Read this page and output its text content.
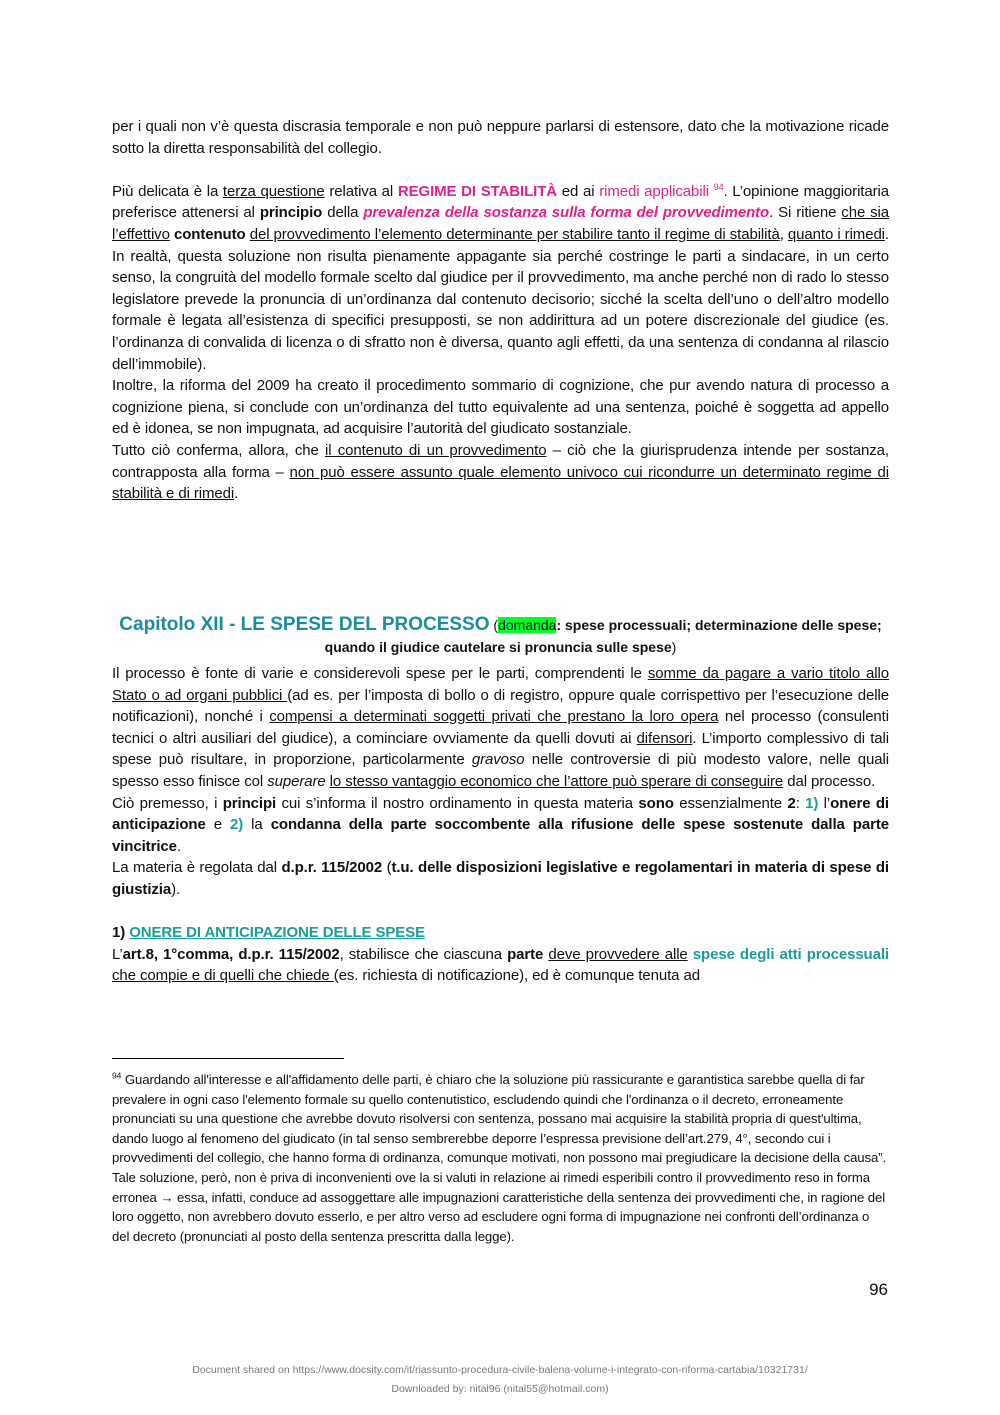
per i quali non v’è questa discrasia temporale e non può neppure parlarsi di estensore, dato che la motivazione ricade sotto la diretta responsabilità del collegio.
Più delicata è la terza questione relativa al REGIME DI STABILITÀ ed ai rimedi applicabili $^{94}$. L’opinione maggioritaria preferisce attenersi al principio della prevalenza della sostanza sulla forma del provvedimento. Si ritiene che sia l’effettivo contenuto del provvedimento l’elemento determinante per stabilire tanto il regime di stabilità, quanto i rimedi. In realtà, questa soluzione non risulta pienamente appagante sia perché costringe le parti a sindacare, in un certo senso, la congruità del modello formale scelto dal giudice per il provvedimento, ma anche perché non di rado lo stesso legislatore prevede la pronuncia di un’ordinanza dal contenuto decisorio; sicché la scelta dell’uno o dell’altro modello formale è legata all’esistenza di specifici presupposti, se non addirittura ad un potere discrezionale del giudice (es. l’ordinanza di convalida di licenza o di sfratto non è diversa, quanto agli effetti, da una sentenza di condanna al rilascio dell’immobile).
Inoltre, la riforma del 2009 ha creato il procedimento sommario di cognizione, che pur avendo natura di processo a cognizione piena, si conclude con un’ordinanza del tutto equivalente ad una sentenza, poiché è soggetta ad appello ed è idonea, se non impugnata, ad acquisire l’autorità del giudicato sostanziale.
Tutto ciò conferma, allora, che il contenuto di un provvedimento – ciò che la giurisprudenza intende per sostanza, contrapposta alla forma – non può essere assunto quale elemento univoco cui ricondurre un determinato regime di stabilità e di rimedi.
Capitolo XII - LE SPESE DEL PROCESSO (domanda: spese processuali; determinazione delle spese; quando il giudice cautelare si pronuncia sulle spese)
Il processo è fonte di varie e considerevoli spese per le parti, comprendenti le somme da pagare a vario titolo allo Stato o ad organi pubblici (ad es. per l’imposta di bollo o di registro, oppure quale corrispettivo per l’esecuzione delle notificazioni), nonché i compensi a determinati soggetti privati che prestano la loro opera nel processo (consulenti tecnici o altri ausiliari del giudice), a cominciare ovviamente da quelli dovuti ai difensori. L’importo complessivo di tali spese può risultare, in proporzione, particolarmente gravoso nelle controversie di più modesto valore, nelle quali spesso esso finisce col superare lo stesso vantaggio economico che l’attore può sperare di conseguire dal processo.
Ciò premesso, i principi cui s’informa il nostro ordinamento in questa materia sono essenzialmente 2: 1) l’onere di anticipazione e 2) la condanna della parte soccombente alla rifusione delle spese sostenute dalla parte vincitrice.
La materia è regolata dal d.p.r. 115/2002 (t.u. delle disposizioni legislative e regolamentari in materia di spese di giustizia).
1) ONERE DI ANTICIPAZIONE DELLE SPESE
L’art.8, 1°comma, d.p.r. 115/2002, stabilisce che ciascuna parte deve provvedere alle spese degli atti processuali che compie e di quelli che chiede (es. richiesta di notificazione), ed è comunque tenuta ad
$^{94}$ Guardando all'interesse e all'affidamento delle parti, è chiaro che la soluzione più rassicurante e garantistica sarebbe quella di far prevalere in ogni caso l'elemento formale su quello contenutistico, escludendo quindi che l'ordinanza o il decreto, erroneamente pronunciati su una questione che avrebbe dovuto risolversi con sentenza, possano mai acquisire la stabilità propria di quest'ultima, dando luogo al fenomeno del giudicato (in tal senso sembrerebbe deporre l’espressa previsione dell’art.279, 4°, secondo cui i provvedimenti del collegio, che hanno forma di ordinanza, comunque motivati, non possono mai pregiudicare la decisione della causa”. Tale soluzione, però, non è priva di inconvenienti ove la si valuti in relazione ai rimedi esperibili contro il provvedimento reso in forma erronea → essa, infatti, conduce ad assoggettare alle impugnazioni caratteristiche della sentenza dei provvedimenti che, in ragione del loro oggetto, non avrebbero dovuto esserlo, e per altro verso ad escludere ogni forma di impugnazione nei confronti dell’ordinanza o del decreto (pronunciati al posto della sentenza prescritta dalla legge).
96
Document shared on https://www.docsity.com/it/riassunto-procedura-civile-balena-volume-i-integrato-con-riforma-cartabia/10321731/
Downloaded by: nital96 (nital55@hotmail.com)
